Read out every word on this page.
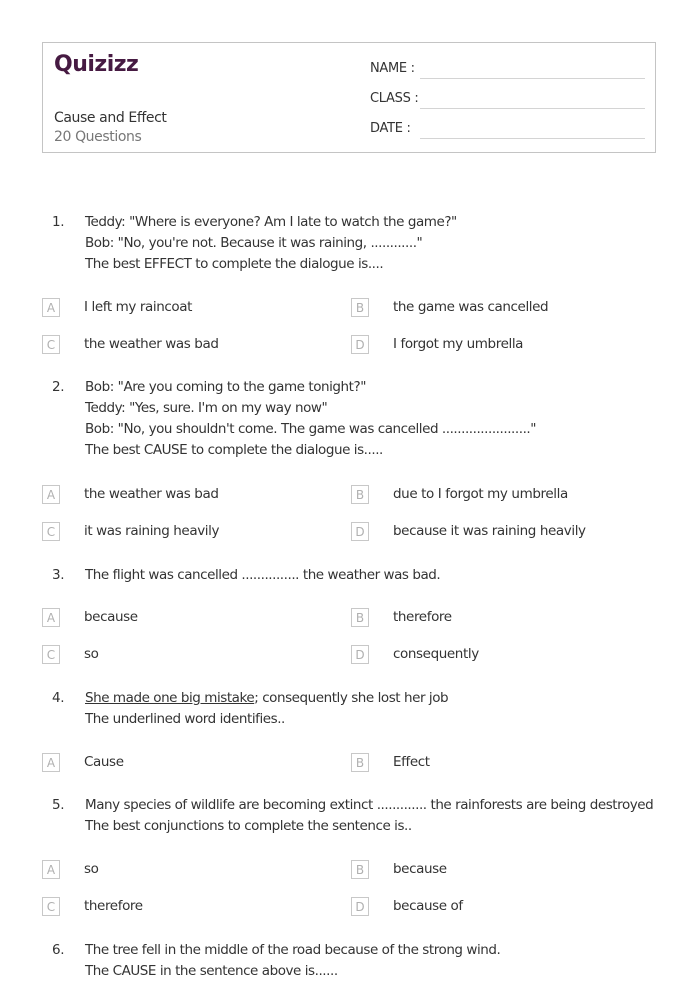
Quizizz
Cause and Effect
20 Questions
NAME :
CLASS :
DATE :
1. Teddy: "Where is everyone? Am I late to watch the game?"
Bob: "No, you're not. Because it was raining, ............"
The best EFFECT to complete the dialogue is....
A	I left my raincoat	B	the game was cancelled
C	the weather was bad	D	I forgot my umbrella
2. Bob: "Are you coming to the game tonight?"
Teddy: "Yes, sure. I'm on my way now"
Bob: "No, you shouldn't come. The game was cancelled ......................."
The best CAUSE to complete the dialogue is.....
A	the weather was bad	B	due to I forgot my umbrella
C	it was raining heavily	D	because it was raining heavily
3. The flight was cancelled ............... the weather was bad.
A	because	B	therefore
C	so	D	consequently
4. She made one big mistake; consequently she lost her job
The underlined word identifies..
A	Cause	B	Effect
5. Many species of wildlife are becoming extinct ............. the rainforests are being destroyed
The best conjunctions to complete the sentence is..
A	so	B	because
C	therefore	D	because of
6. The tree fell in the middle of the road because of the strong wind.
The CAUSE in the sentence above is......
